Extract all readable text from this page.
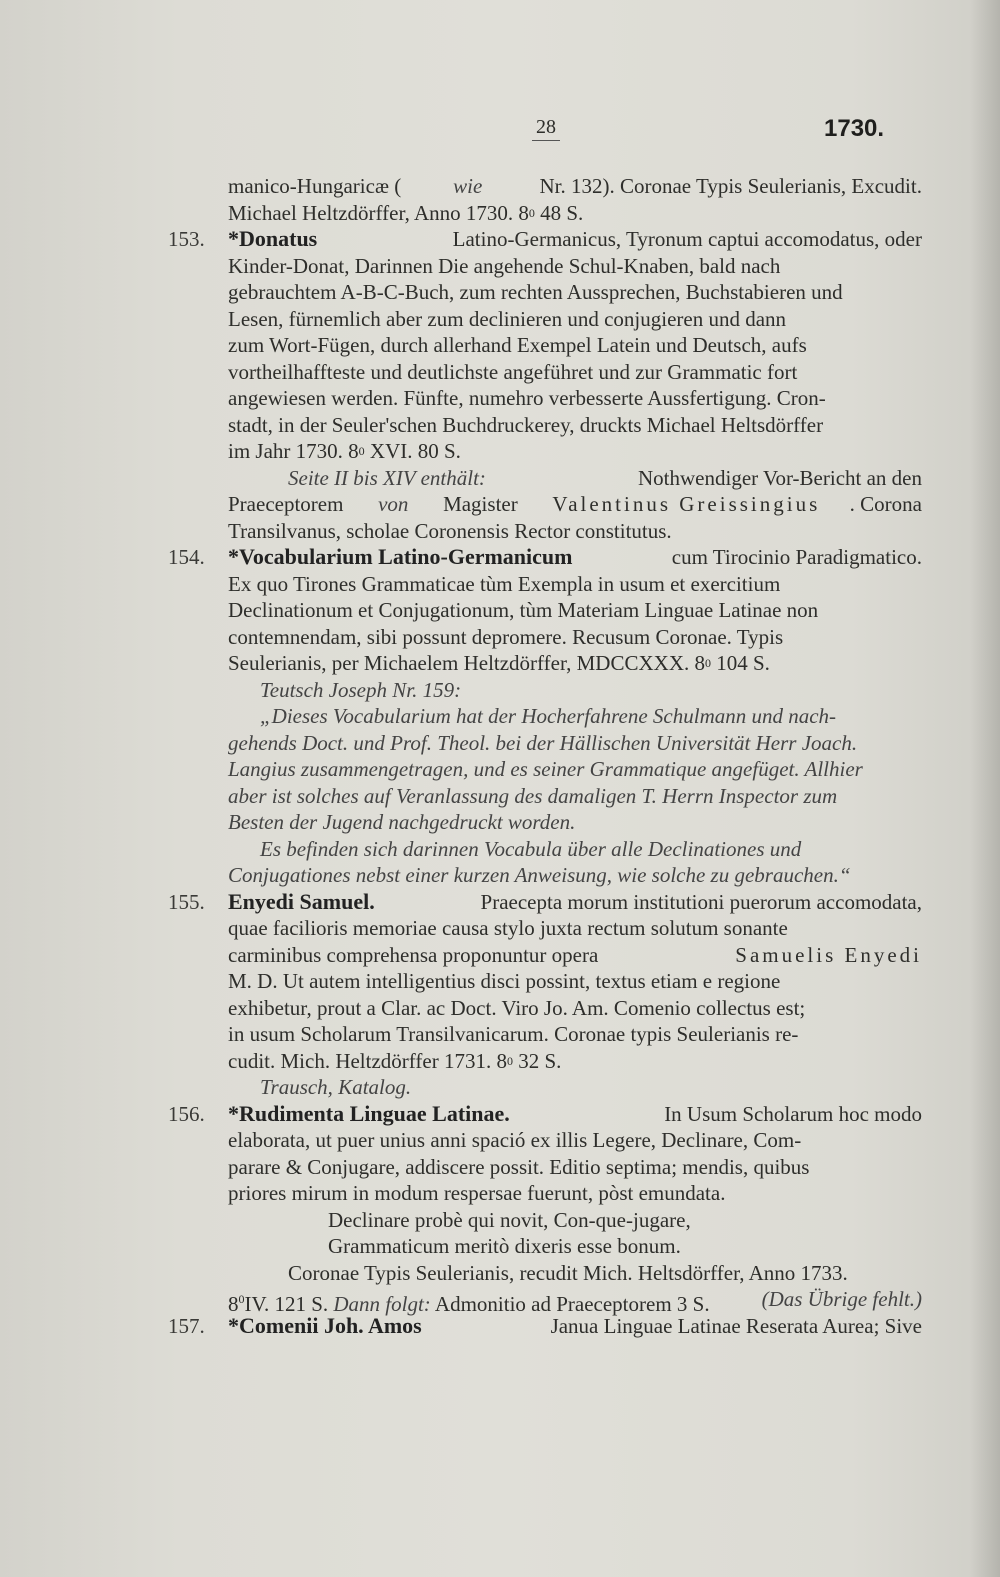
28	1730.
manico-Hungaricæ ( wie Nr. 132). Coronae Typis Seulerianis, Excudit.
Michael Heltzdörffer, Anno 1730. 8 0 48 S.
153.	*Donatus	Latino-Germanicus, Tyronum captui accomodatus, oder
Kinder-Donat, Darinnen Die angehende Schul-Knaben, bald nach
gebrauchtem A-B-C-Buch, zum rechten Aussprechen, Buchstabieren und
Lesen, fürnemlich aber zum declinieren und conjugieren und dann
zum Wort-Fügen, durch allerhand Exempel Latein und Deutsch, aufs
vortheilhaffteste und deutlichste angeführet und zur Grammatic fort
angewiesen werden. Fünfte, numehro verbesserte Aussfertigung. Cron-
stadt, in der Seuler'schen Buchdruckerey, druckts Michael Heltsdörffer
im Jahr 1730. 8 0 XVI. 80 S.
Seite II bis XIV enthält:	Nothwendiger Vor-Bericht an den
Praeceptorem von Magister Valentinus Greissingius . Corona
Transilvanus, scholae Coronensis Rector constitutus.
154.	*Vocabularium Latino-Germanicum	cum Tirocinio Paradigmatico.
Ex quo Tirones Grammaticae tùm Exempla in usum et exercitium
Declinationum et Conjugationum, tùm Materiam Linguae Latinae non
contemnendam, sibi possunt depromere. Recusum Coronae. Typis
Seulerianis, per Michaelem Heltzdörffer, MDCCXXX. 8 0 104 S.
Teutsch Joseph Nr. 159:
„Dieses Vocabularium hat der Hocherfahrene Schulmann und nach-
gehends Doct. und Prof. Theol. bei der Hällischen Universität Herr Joach.
Langius zusammengetragen, und es seiner Grammatique angefüget. Allhier
aber ist solches auf Veranlassung des damaligen T. Herrn Inspector zum
Besten der Jugend nachgedruckt worden.
Es befinden sich darinnen Vocabula über alle Declinationes und
Conjugationes nebst einer kurzen Anweisung, wie solche zu gebrauchen.“
155.	Enyedi Samuel.	Praecepta morum institutioni puerorum accomodata,
quae facilioris memoriae causa stylo juxta rectum solutum sonante
carminibus comprehensa proponuntur opera	Samuelis Enyedi
M. D. Ut autem intelligentius disci possint, textus etiam e regione
exhibetur, prout a Clar. ac Doct. Viro Jo. Am. Comenio collectus est;
in usum Scholarum Transilvanicarum. Coronae typis Seulerianis re-
cudit. Mich. Heltzdörffer 1731. 8 0 32 S.
Trausch, Katalog.
156.	*Rudimenta Linguae Latinae.	In Usum Scholarum hoc modo
elaborata, ut puer unius anni spació ex illis Legere, Declinare, Com-
parare & Conjugare, addiscere possit. Editio septima; mendis, quibus
priores mirum in modum respersae fuerunt, pòst emundata.
Declinare probè qui novit, Con-que-jugare,
Grammaticum meritò dixeris esse bonum.
Coronae Typis Seulerianis, recudit Mich. Heltsdörffer, Anno 1733.
$8^0IV$. 121 S. Dann folgt: Admonitio ad Praeceptorem 3 S. (Das Übrige fehlt.)
157.	*Comenii Joh. Amos	Janua Linguae Latinae Reserata Aurea; Sive
